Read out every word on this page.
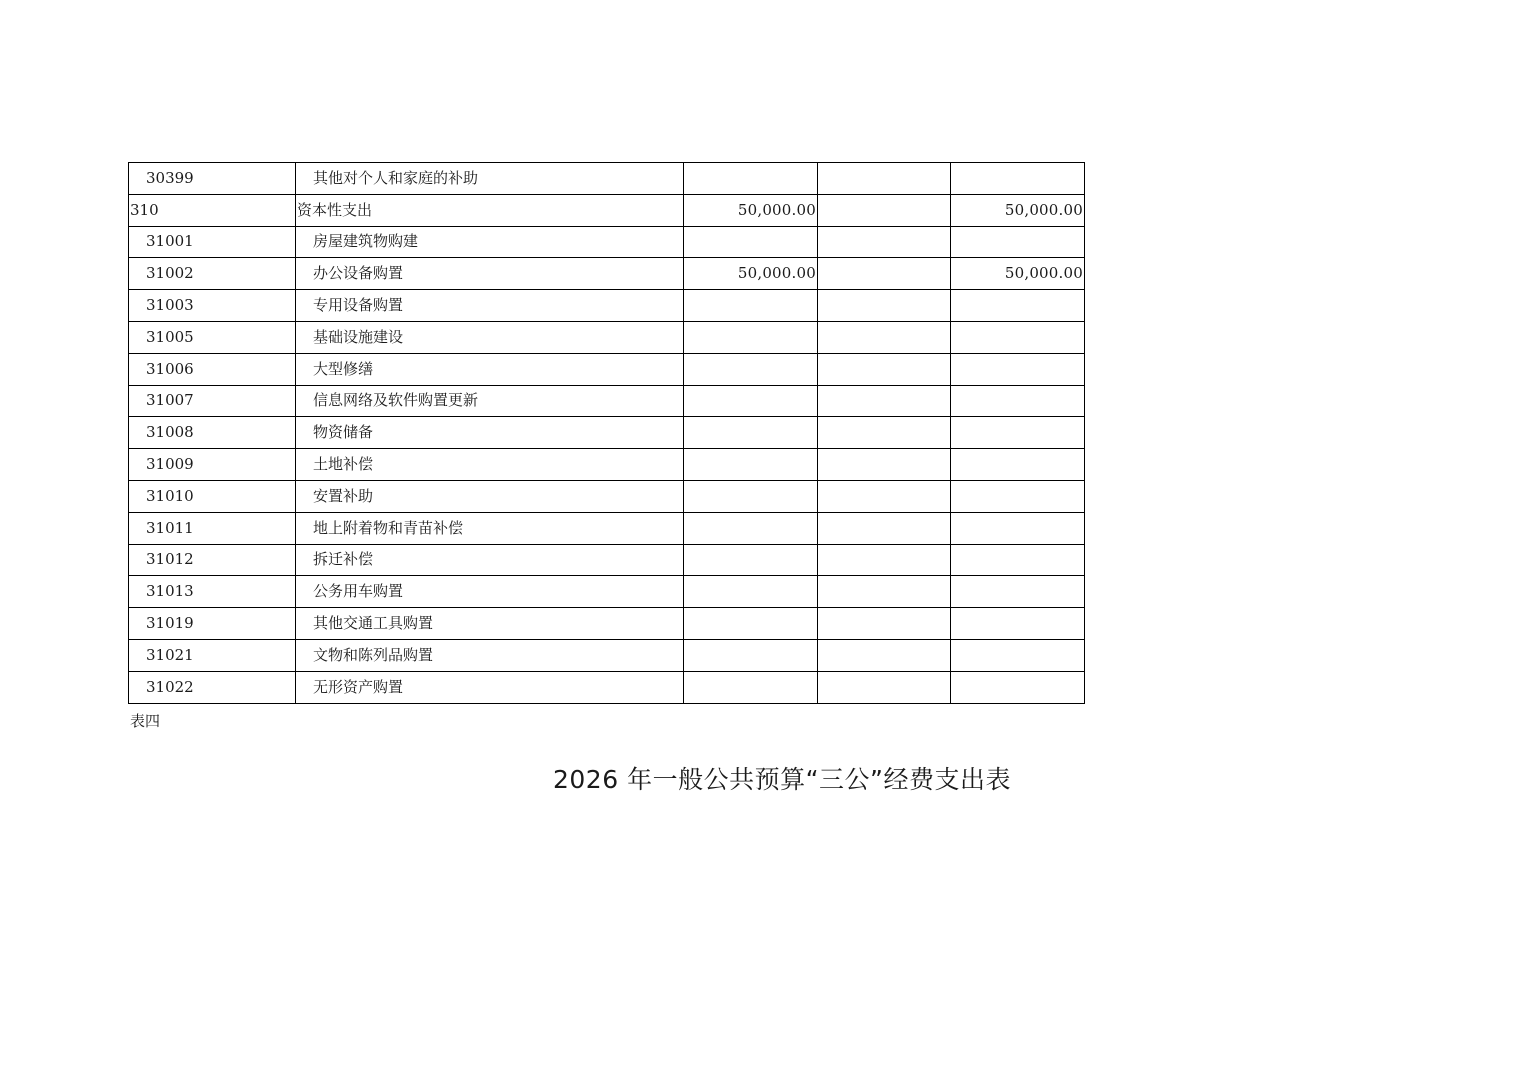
30399	其他对个人和家庭的补助			
310	资本性支出	50,000.00		50,000.00
31001	房屋建筑物购建			
31002	办公设备购置	50,000.00		50,000.00
31003	专用设备购置			
31005	基础设施建设			
31006	大型修缮			
31007	信息网络及软件购置更新			
31008	物资储备			
31009	土地补偿			
31010	安置补助			
31011	地上附着物和青苗补偿			
31012	拆迁补偿			
31013	公务用车购置			
31019	其他交通工具购置			
31021	文物和陈列品购置			
31022	无形资产购置			
表四
2026 年一般公共预算“三公”经费支出表
